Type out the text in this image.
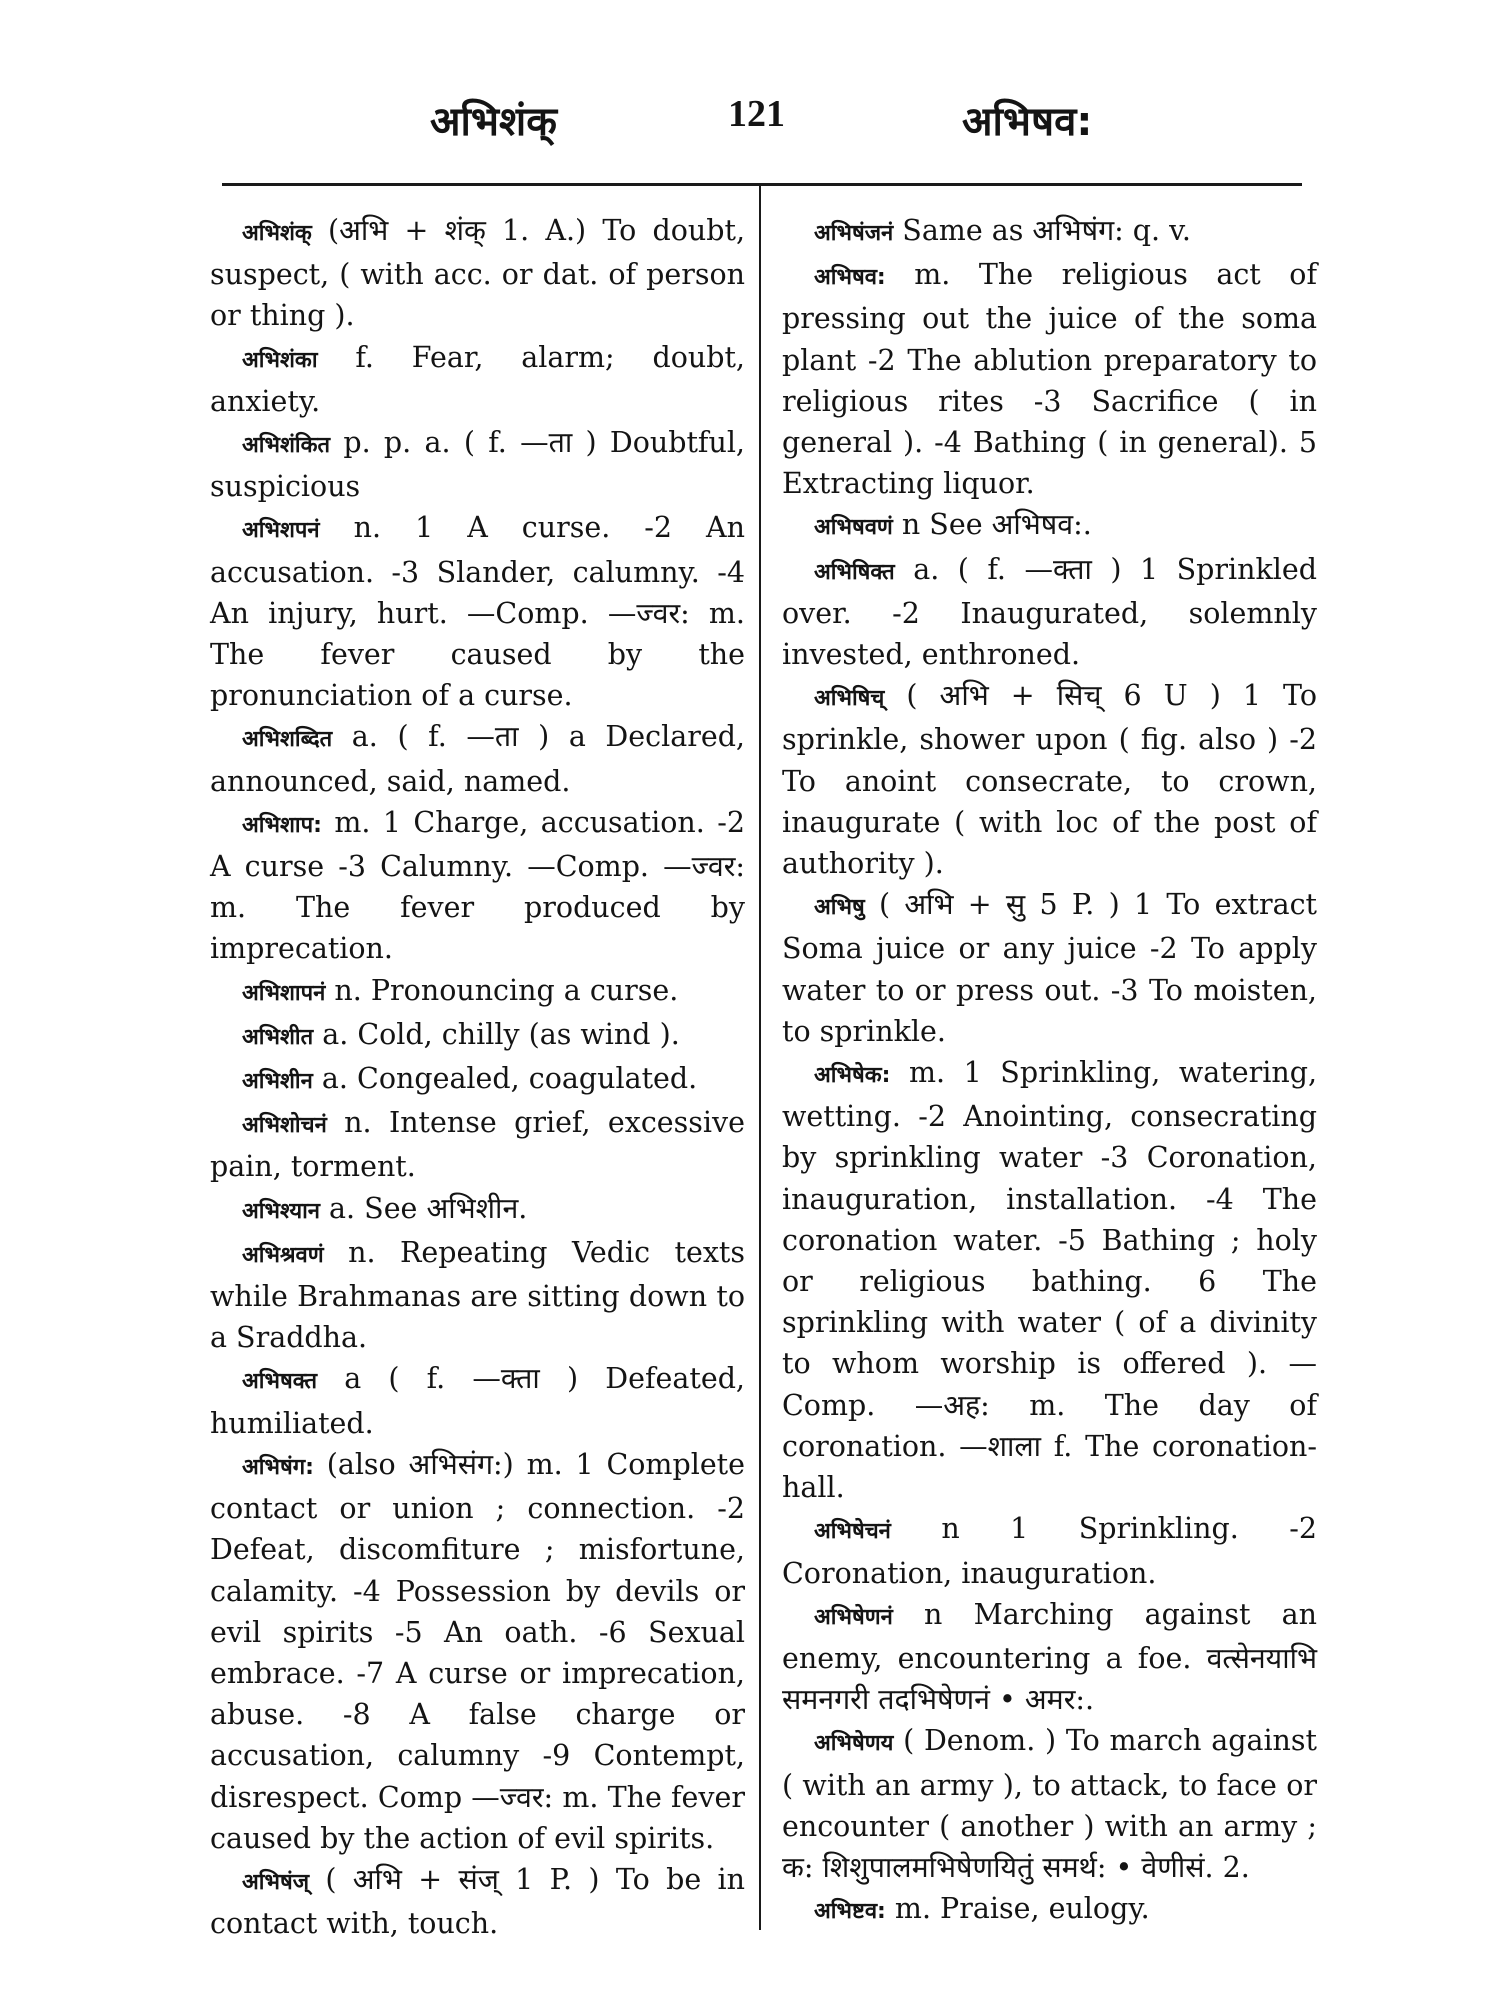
अभिशंक्	121	अभिषव:

अभिशंक् (अभि + शंक् 1. A.) To doubt, suspect, ( with acc. or dat. of person or thing ).

अभिशंका f. Fear, alarm; doubt, anxiety.

अभिशंकित p. p. a. ( f. —ता ) Doubtful, suspicious

अभिशपनं n. 1 A curse. -2 An accusation. -3 Slander, calumny. -4 An injury, hurt. —Comp. —ज्वर: m. The fever caused by the pronunciation of a curse.

अभिशब्दित a. ( f. —ता ) a Declared, announced, said, named.

अभिशाप: m. 1 Charge, accusation. -2 A curse -3 Calumny. —Comp. —ज्वर: m. The fever produced by imprecation.

अभिशापनं n. Pronouncing a curse.

अभिशीत a. Cold, chilly (as wind ).

अभिशीन a. Congealed, coagulated.

अभिशोचनं n. Intense grief, excessive pain, torment.

अभिश्यान a. See अभिशीन.

अभिश्रवणं n. Repeating Vedic texts while Brahmanas are sitting down to a Sraddha.

अभिषक्त a ( f. —क्ता ) Defeated, humiliated.

अभिषंग: (also अभिसंग:) m. 1 Complete contact or union ; connection. -2 Defeat, discomfiture ; misfortune, calamity. -4 Possession by devils or evil spirits -5 An oath. -6 Sexual embrace. -7 A curse or imprecation, abuse. -8 A false charge or accusation, calumny -9 Contempt, disrespect. Comp —ज्वर: m. The fever caused by the action of evil spirits.

अभिषंज् ( अभि + संज् 1 P. ) To be in contact with, touch.

अभिषंजनं Same as अभिषंग: q. v.

अभिषव: m. The religious act of pressing out the juice of the soma plant -2 The ablution preparatory to religious rites -3 Sacrifice ( in general ). -4 Bathing ( in general). 5 Extracting liquor.

अभिषवणं n See अभिषव:.

अभिषिक्त a. ( f. —क्ता ) 1 Sprinkled over. -2 Inaugurated, solemnly invested, enthroned.

अभिषिच् ( अभि + सिच् 6 U ) 1 To sprinkle, shower upon ( fig. also ) -2 To anoint consecrate, to crown, inaugurate ( with loc of the post of authority ).

अभिषु ( अभि + सु 5 P. ) 1 To extract Soma juice or any juice -2 To apply water to or press out. -3 To moisten, to sprinkle.

अभिषेक: m. 1 Sprinkling, watering, wetting. -2 Anointing, consecrating by sprinkling water -3 Coronation, inauguration, installation. -4 The coronation water. -5 Bathing ; holy or religious bathing. 6 The sprinkling with water ( of a divinity to whom worship is offered ). —Comp. —अह: m. The day of coronation. —शाला f. The coronation-hall.

अभिषेचनं n 1 Sprinkling. -2 Coronation, inauguration.

अभिषेणनं n Marching against an enemy, encountering a foe. वत्सेनयाभि समनगरी तदभिषेणनं • अमर:.

अभिषेणय ( Denom. ) To march against ( with an army ), to attack, to face or encounter ( another ) with an army ; क: शिशुपालमभिषेणयितुं समर्थ: • वेणीसं. 2.

अभिष्टव: m. Praise, eulogy.
